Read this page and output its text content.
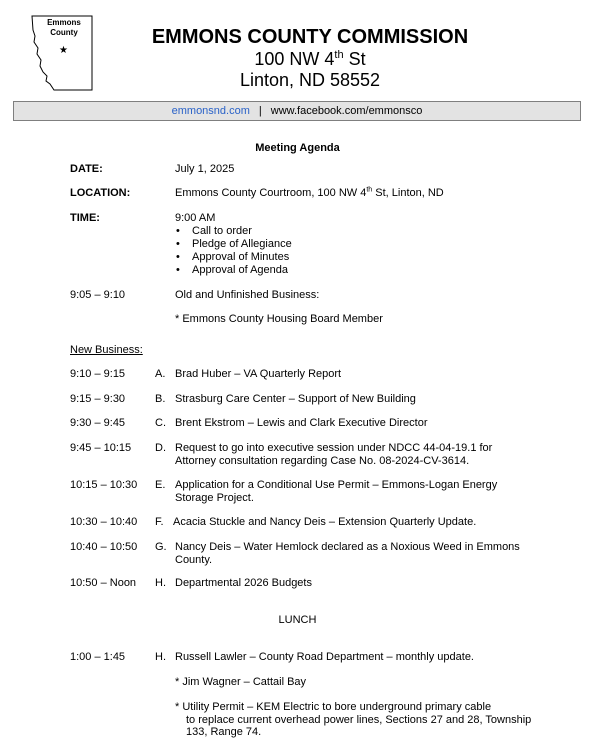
Emmons
County
★
EMMONS COUNTY COMMISSION
100 NW 4th St
Linton, ND 58552
emmonsnd.com | www.facebook.com/emmonsco
Meeting Agenda
DATE:	July 1, 2025
LOCATION:	Emmons County Courtroom, 100 NW 4th St, Linton, ND
TIME:	9:00 AM
• Call to order
• Pledge of Allegiance
• Approval of Minutes
• Approval of Agenda
9:05 – 9:10	Old and Unfinished Business:
* Emmons County Housing Board Member
New Business:
9:10 – 9:15	A. Brad Huber – VA Quarterly Report
9:15 – 9:30	B. Strasburg Care Center – Support of New Building
9:30 – 9:45	C. Brent Ekstrom – Lewis and Clark Executive Director
9:45 – 10:15 D. Request to go into executive session under NDCC 44-04-19.1 for
Attorney consultation regarding Case No. 08-2024-CV-3614.
10:15 – 10:30 E. Application for a Conditional Use Permit – Emmons-Logan Energy
Storage Project.
10:30 – 10:40 F. Acacia Stuckle and Nancy Deis – Extension Quarterly Update.
10:40 – 10:50 G. Nancy Deis – Water Hemlock declared as a Noxious Weed in Emmons
County.
10:50 – Noon H. Departmental 2026 Budgets
LUNCH
1:00 – 1:45	H. Russell Lawler – County Road Department – monthly update.
* Jim Wagner – Cattail Bay
* Utility Permit – KEM Electric to bore underground primary cable
to replace current overhead power lines, Sections 27 and 28, Township
133, Range 74.
